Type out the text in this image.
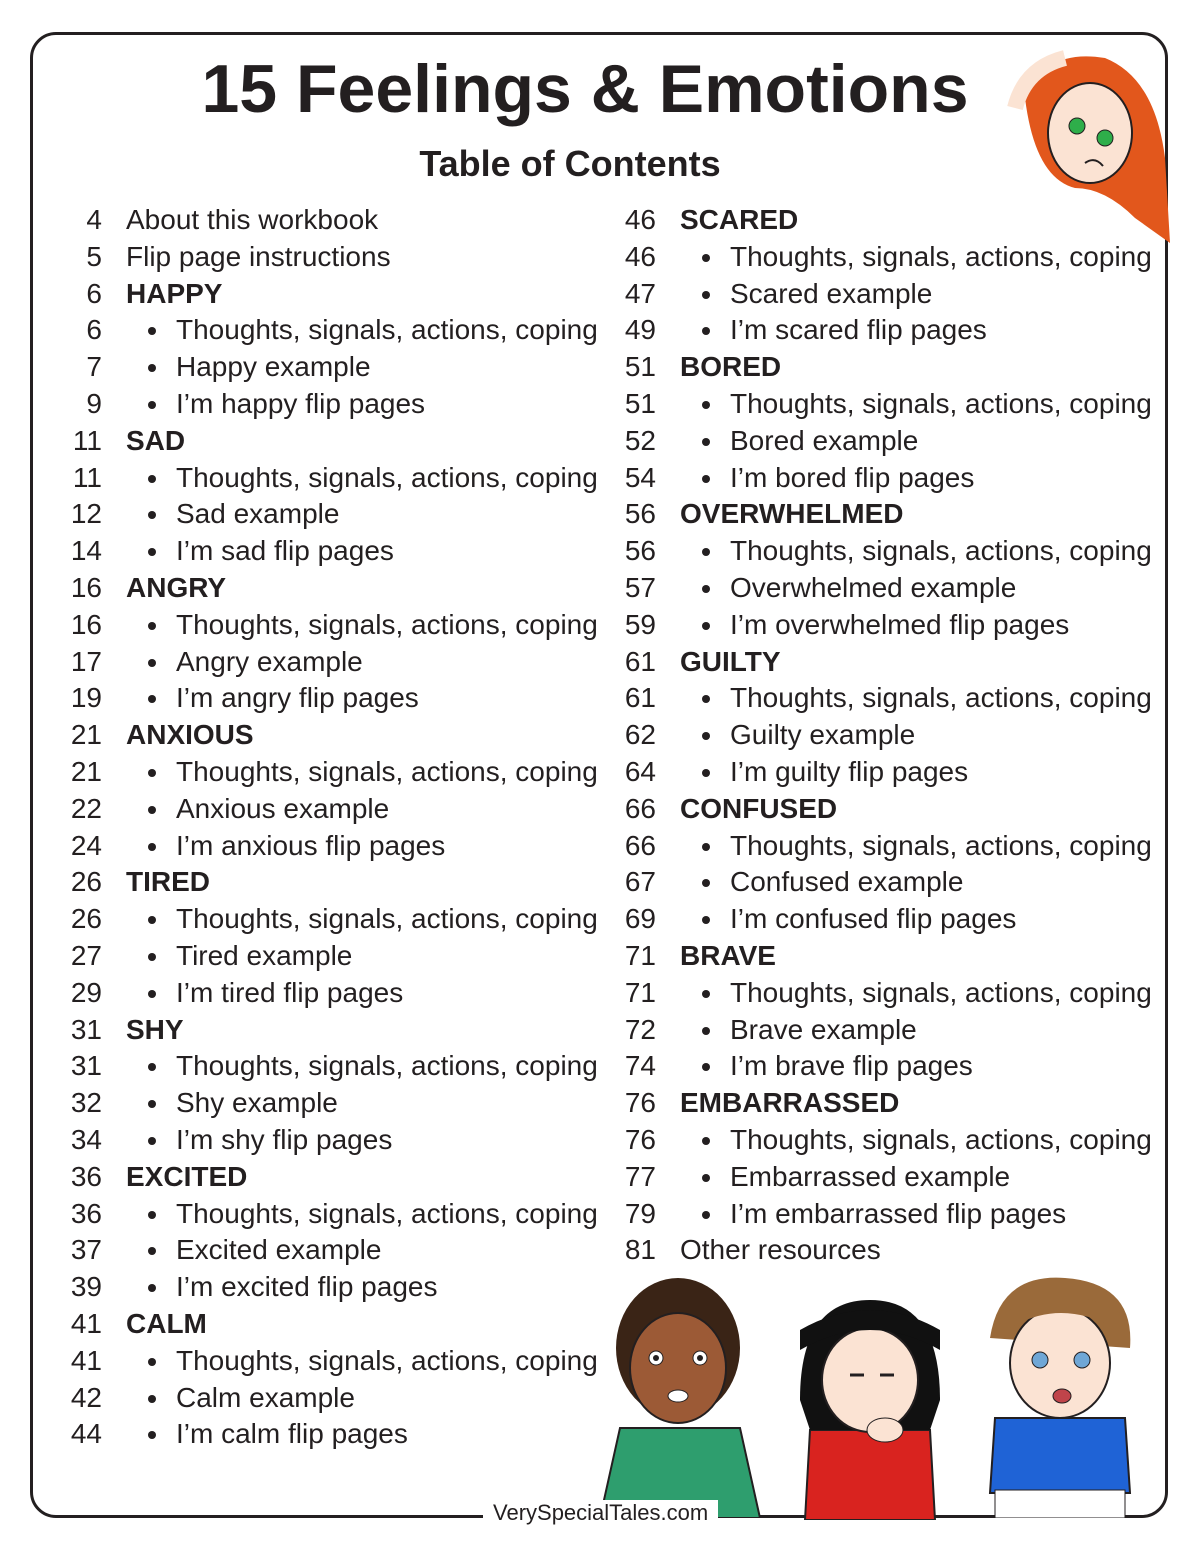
15 Feelings & Emotions
Table of Contents
4 About this workbook
5 Flip page instructions
6 HAPPY
6	Thoughts, signals, actions, coping
7	Happy example
9	I’m happy flip pages
11 SAD
11	Thoughts, signals, actions, coping
12	Sad example
14	I’m sad flip pages
16 ANGRY
16	Thoughts, signals, actions, coping
17	Angry example
19	I’m angry flip pages
21 ANXIOUS
21	Thoughts, signals, actions, coping
22	Anxious example
24	I’m anxious flip pages
26 TIRED
26	Thoughts, signals, actions, coping
27	Tired example
29	I’m tired flip pages
31 SHY
31	Thoughts, signals, actions, coping
32	Shy example
34	I’m shy flip pages
36 EXCITED
36	Thoughts, signals, actions, coping
37	Excited example
39	I’m excited flip pages
41 CALM
41	Thoughts, signals, actions, coping
42	Calm example
44	I’m calm flip pages
46 SCARED
46	Thoughts, signals, actions, coping
47	Scared example
49	I’m scared flip pages
51 BORED
51	Thoughts, signals, actions, coping
52	Bored example
54	I’m bored flip pages
56 OVERWHELMED
56	Thoughts, signals, actions, coping
57	Overwhelmed example
59	I’m overwhelmed flip pages
61 GUILTY
61	Thoughts, signals, actions, coping
62	Guilty example
64	I’m guilty flip pages
66 CONFUSED
66	Thoughts, signals, actions, coping
67	Confused example
69	I’m confused flip pages
71 BRAVE
71	Thoughts, signals, actions, coping
72	Brave example
74	I’m brave flip pages
76 EMBARRASSED
76	Thoughts, signals, actions, coping
77	Embarrassed example
79	I’m embarrassed flip pages
81 Other resources
VerySpecialTales.com
